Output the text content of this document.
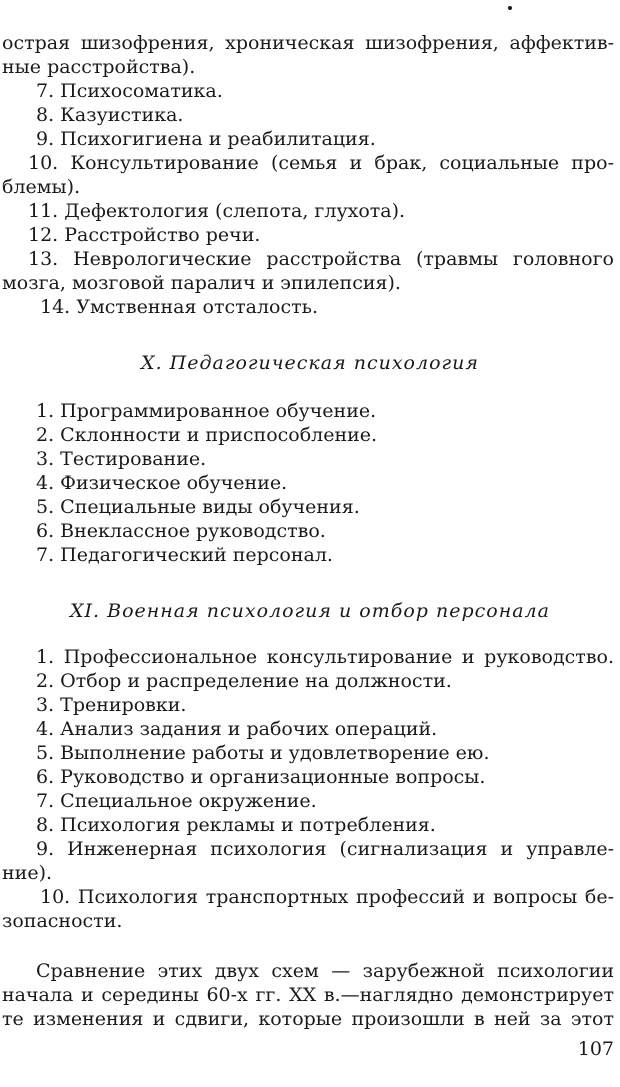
острая шизофрения, хроническая шизофрения, аффектив-
ные расстройства).
7. Психосоматика.
8. Казуистика.
9. Психогигиена и реабилитация.
10. Консультирование (семья и брак, социальные про-
блемы).
11. Дефектология (слепота, глухота).
12. Расстройство речи.
13. Неврологические расстройства (травмы головного
мозга, мозговой паралич и эпилепсия).
14. Умственная отсталость.
X. Педагогическая психология
1. Программированное обучение.
2. Склонности и приспособление.
3. Тестирование.
4. Физическое обучение.
5. Специальные виды обучения.
6. Внеклассное руководство.
7. Педагогический персонал.
XI. Военная психология и отбор персонала
1. Профессиональное консультирование и руководство.
2. Отбор и распределение на должности.
3. Тренировки.
4. Анализ задания и рабочих операций.
5. Выполнение работы и удовлетворение ею.
6. Руководство и организационные вопросы.
7. Специальное окружение.
8. Психология рекламы и потребления.
9. Инженерная психология (сигнализация и управле-
ние).
10. Психология транспортных профессий и вопросы бе-
зопасности.
Сравнение этих двух схем — зарубежной психологии
начала и середины 60-х гг. XX в.—наглядно демонстрирует
те изменения и сдвиги, которые произошли в ней за этот
107
